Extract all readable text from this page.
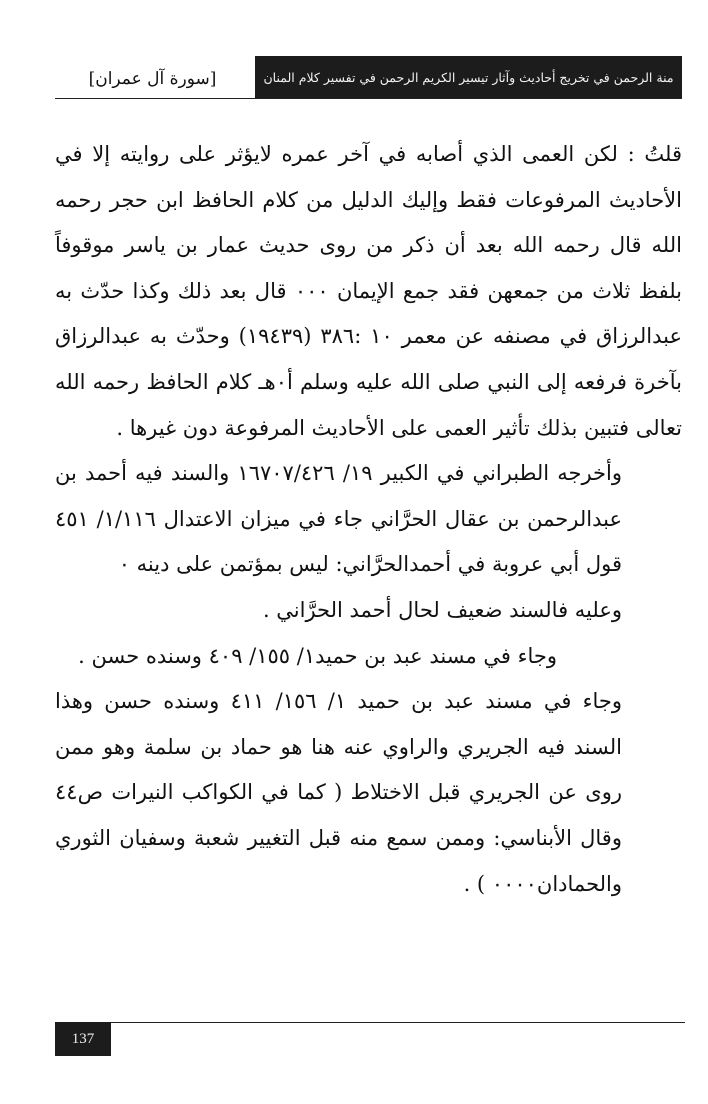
[سورة آل عمران]	منة الرحمن في تخريج أحاديث وآثار تيسير الكريم الرحمن في تفسير كلام المنان

قلتُ : لكن العمى الذي أصابه في آخر عمره لايؤثر على روايته إلا في الأحاديث المرفوعات فقط وإليك الدليل من كلام الحافظ ابن حجر رحمه الله قال رحمه الله بعد أن ذكر من روى حديث عمار بن ياسر موقوفاً بلفظ ثلاث من جمعهن فقد جمع الإيمان ٠٠٠ قال بعد ذلك وكذا حدّث به عبدالرزاق في مصنفه عن معمر ١٠ :٣٨٦ (١٩٤٣٩) وحدّث به عبدالرزاق بآخرة فرفعه إلى النبي صلى الله عليه وسلم أ٠هـ كلام الحافظ رحمه الله تعالى فتبين بذلك تأثير العمى على الأحاديث المرفوعة دون غيرها .

وأخرجه الطبراني في الكبير ١٩/ ١٦٧٠٧/٤٢٦ والسند فيه أحمد بن عبدالرحمن بن عقال الحرَّاني جاء في ميزان الاعتدال ١/١١٦/ ٤٥١ قول أبي عروبة في أحمدالحرَّاني: ليس بمؤتمن على دينه ٠

وعليه فالسند ضعيف لحال أحمد الحرَّاني .

وجاء في مسند عبد بن حميد١/ ١٥٥/ ٤٠٩ وسنده حسن .

وجاء في مسند عبد بن حميد ١/ ١٥٦/ ٤١١ وسنده حسن وهذا السند فيه الجريري والراوي عنه هنا هو حماد بن سلمة وهو ممن روى عن الجريري قبل الاختلاط ( كما في الكواكب النيرات ص٤٤ وقال الأبناسي: وممن سمع منه قبل التغيير شعبة وسفيان الثوري والحمادان٠٠٠٠ ) .

137
